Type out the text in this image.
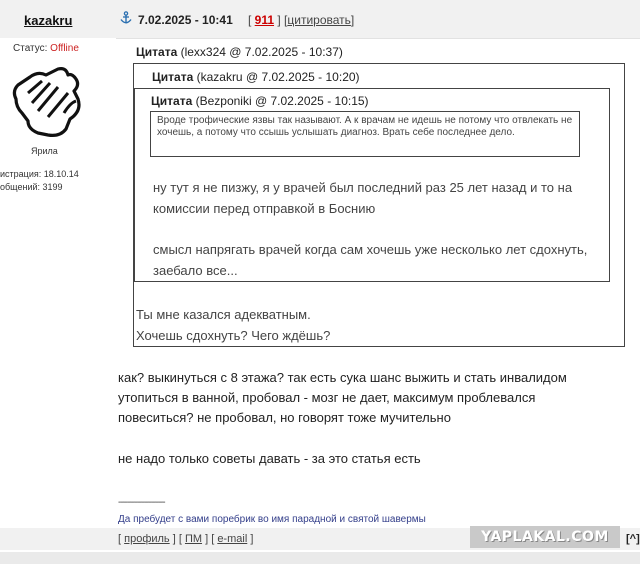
kazakru	7.02.2025 - 10:41 [ 911 ] [цитировать]
Статус: Offline
Ярила
истрация: 18.10.14
общений: 3199
Цитата (lexx324 @ 7.02.2025 - 10:37)
Цитата (kazakru @ 7.02.2025 - 10:20)
Цитата (Bezponiki @ 7.02.2025 - 10:15)
Вроде трофические язвы так называют. А к врачам не идешь не потому что отвлекать не хочешь, а потому что ссышь услышать диагноз. Врать себе последнее дело.

ну тут я не пизжу, я у врачей был последний раз 25 лет назад и то на комиссии перед отправкой в Боснию

смысл напрягать врачей когда сам хочешь уже несколько лет сдохнуть, заебало все...

Ты мне казался адекватным.

Хочешь сдохнуть? Чего ждёшь?

как? выкинуться с 8 этажа? так есть сука шанс выжить и стать инвалидом

утопиться в ванной, пробовал - мозг не дает, максимум проблевался

повеситься? не пробовал, но говорят тоже мучительно

не надо только советы давать - за это статья есть

--------------------
Да пребудет с вами поребрик во имя парадной и святой шавермы
[ профиль ] [ ПМ ] [ e-mail ]	[^]
YAPLAKAL.COM
